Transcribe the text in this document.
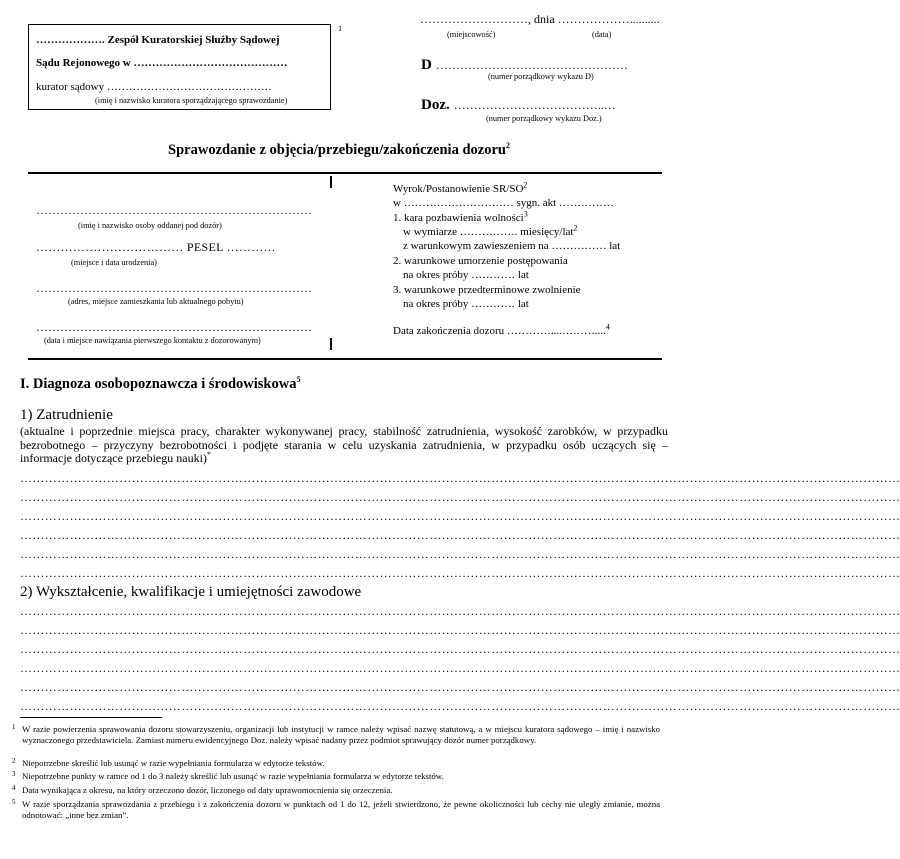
………………. Zespół Kuratorskiej Służby Sądowej
Sądu Rejonowego w ……………………………………
kurator sądowy ………………………………………
(imię i nazwisko kuratora sporządzającego sprawozdanie)
1
………………………, dnia ………………..........
(miejscowość)	(data)
D …………………………………………
(numer porządkowy wykazu D)
Doz. ………………………………..…
(numer porządkowy wykazu Doz.)
Sprawozdanie z objęcia/przebiegu/zakończenia dozoru$^2$
……………………………………………………………
(imię i nazwisko osoby oddanej pod dozór)
……………………………… PESEL …………
(miejsce i data urodzenia)
……………………………………………………………
(adres, miejsce zamieszkania lub aktualnego pobytu)
……………………………………………………………
(data i miejsce nawiązania pierwszego kontaktu z dozorowanym)
Wyrok/Postanowienie $SR/SO^2$
w ………………………… sygn. akt ……………
1. kara pozbawienia wolności$^3$
w wymiarze ……………. miesięcy/lat$^2$
z warunkowym zawieszeniem na …………… lat
2. warunkowe umorzenie postępowania
na okres próby ………… lat
3. warunkowe przedterminowe zwolnienie
na okres próby ………… lat
Data zakończenia dozoru …………....………....$^4$
I. Diagnoza osobopoznawcza i środowiskowa$^5$
1) Zatrudnienie
(aktualne i poprzednie miejsca pracy, charakter wykonywanej pracy, stabilność zatrudnienia, wysokość zarobków, w przypadku bezrobotnego – przyczyny bezrobotności i podjęte starania w celu uzyskania zatrudnienia, w przypadku osób uczących się – informacje dotyczące przebiegu nauki)*
……………………………………………………………………………………………………………………………………………………………………………………………
……………………………………………………………………………………………………………………………………………………………………………………………
……………………………………………………………………………………………………………………………………………………………………………………………
……………………………………………………………………………………………………………………………………………………………………………………………
……………………………………………………………………………………………………………………………………………………………………………………………
……………………………………………………………………………………………………………………………………………………………………………………………
2) Wykształcenie, kwalifikacje i umiejętności zawodowe
……………………………………………………………………………………………………………………………………………………………………………………………
……………………………………………………………………………………………………………………………………………………………………………………………
……………………………………………………………………………………………………………………………………………………………………………………………
……………………………………………………………………………………………………………………………………………………………………………………………
……………………………………………………………………………………………………………………………………………………………………………………………
……………………………………………………………………………………………………………………………………………………………………………………………
1 W razie powierzenia sprawowania dozoru stowarzyszeniu, organizacji lub instytucji w ramce należy wpisać nazwę statutową, a w miejscu kuratora sądowego – imię i nazwisko wyznaczonego przedstawiciela. Zamiast numeru ewidencyjnego Doz. należy wpisać nadany przez podmiot sprawujący dozór numer porządkowy.
2 Niepotrzebne skreślić lub usunąć w razie wypełniania formularza w edytorze tekstów.
3 Niepotrzebne punkty w ramce od 1 do 3 należy skreślić lub usunąć w razie wypełniania formularza w edytorze tekstów.
4 Data wynikająca z okresu, na który orzeczono dozór, liczonego od daty uprawomocnienia się orzeczenia.
5 W razie sporządzania sprawozdania z przebiegu i z zakończenia dozoru w punktach od 1 do 12, jeżeli stwierdzono, że pewne okoliczności lub cechy nie uległy zmianie, można odnotować: „inne bez zmian”.
